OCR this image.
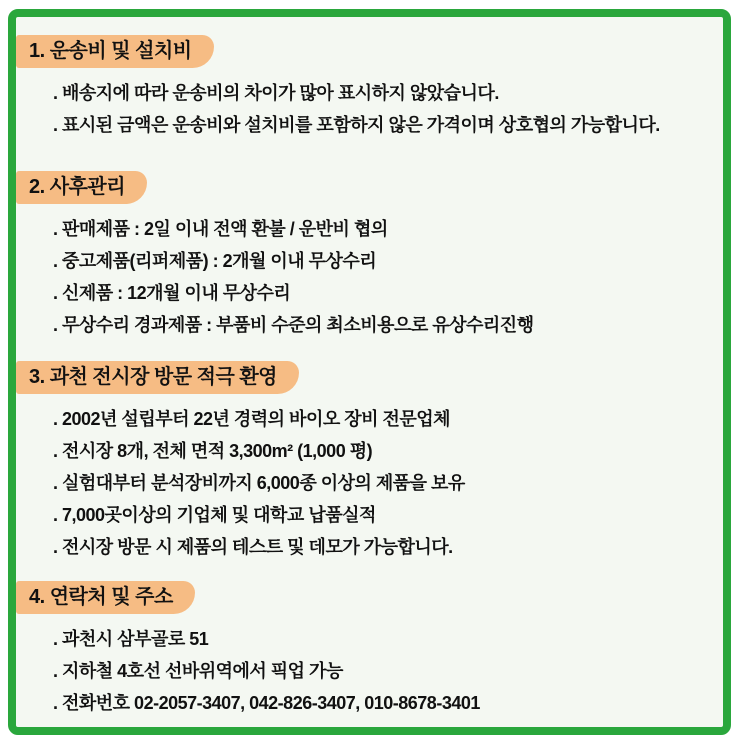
1. 운송비 및 설치비
. 배송지에 따라 운송비의 차이가 많아 표시하지 않았습니다.
. 표시된 금액은 운송비와 설치비를 포함하지 않은 가격이며 상호협의 가능합니다.
2. 사후관리
. 판매제품 : 2일 이내 전액 환불 / 운반비 협의
. 중고제품(리퍼제품) : 2개월 이내 무상수리
. 신제품 : 12개월 이내 무상수리
. 무상수리 경과제품 : 부품비 수준의 최소비용으로 유상수리진행
3. 과천 전시장 방문 적극 환영
. 2002년 설립부터 22년 경력의 바이오 장비 전문업체
. 전시장 8개, 전체 면적 3,300m² (1,000 평)
. 실험대부터 분석장비까지 6,000종 이상의 제품을 보유
. 7,000곳이상의 기업체 및 대학교 납품실적
. 전시장 방문 시 제품의 테스트 및 데모가 가능합니다.
4. 연락처 및 주소
. 과천시 삼부골로 51
. 지하철 4호선 선바위역에서 픽업 가능
. 전화번호 02-2057-3407, 042-826-3407, 010-8678-3401
